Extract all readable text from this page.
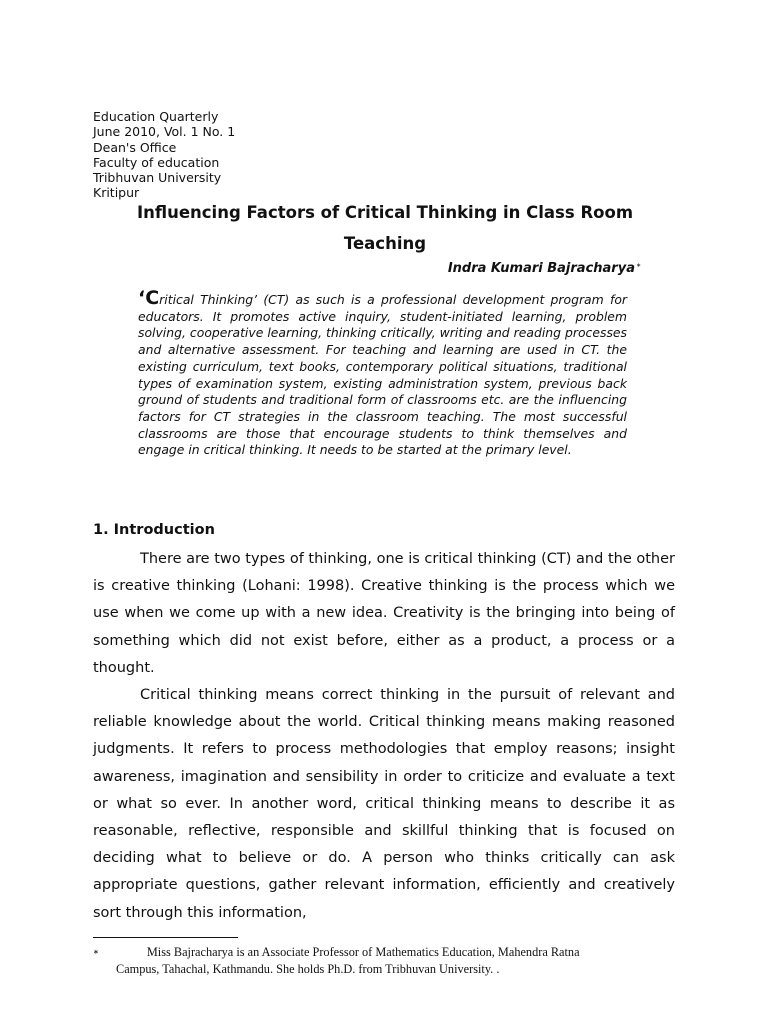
Education Quarterly
June 2010, Vol. 1 No. 1
Dean's Office
Faculty of education
Tribhuvan University
Kritipur
Influencing Factors of Critical Thinking in Class Room
Teaching
Indra Kumari Bajracharya∗
‘Critical Thinking’ (CT) as such is a professional development program for educators. It promotes active inquiry, student-initiated learning, problem solving, cooperative learning, thinking critically, writing and reading processes and alternative assessment. For teaching and learning are used in CT. the existing curriculum, text books, contemporary political situations, traditional types of examination system, existing administration system, previous back ground of students and traditional form of classrooms etc. are the influencing factors for CT strategies in the classroom teaching. The most successful classrooms are those that encourage students to think themselves and engage in critical thinking. It needs to be started at the primary level.
1. Introduction

There are two types of thinking, one is critical thinking (CT) and the other is creative thinking (Lohani: 1998). Creative thinking is the process which we use when we come up with a new idea. Creativity is the bringing into being of something which did not exist before, either as a product, a process or a thought.

Critical thinking means correct thinking in the pursuit of relevant and reliable knowledge about the world. Critical thinking means making reasoned judgments. It refers to process methodologies that employ reasons; insight awareness, imagination and sensibility in order to criticize and evaluate a text or what so ever. In another word, critical thinking means to describe it as reasonable, reflective, responsible and skillful thinking that is focused on deciding what to believe or do. A person who thinks critically can ask appropriate questions, gather relevant information, efficiently and creatively sort through this information,

∗	Miss Bajracharya is an Associate Professor of Mathematics Education, Mahendra Ratna
Campus, Tahachal, Kathmandu. She holds Ph.D. from Tribhuvan University. .
